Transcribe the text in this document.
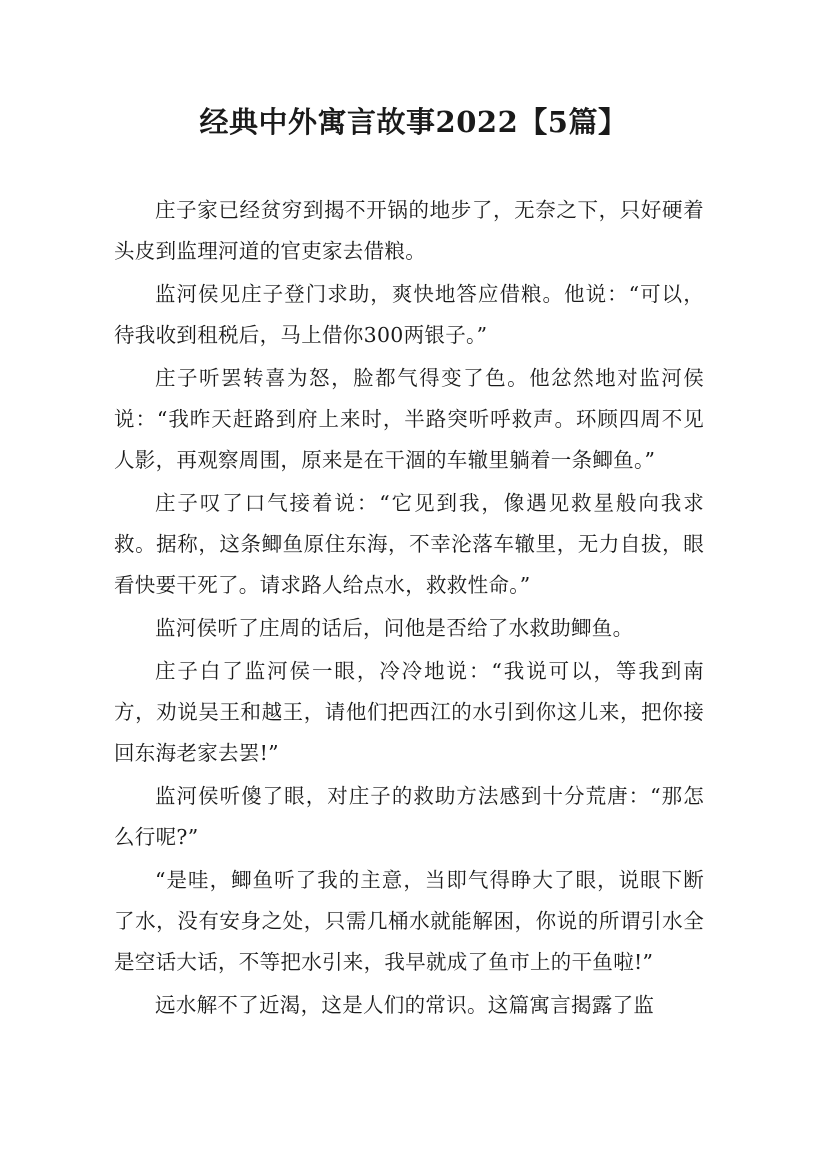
经典中外寓言故事2022【5篇】

庄子家已经贫穷到揭不开锅的地步了，无奈之下，只好硬着头皮到监理河道的官吏家去借粮。

监河侯见庄子登门求助，爽快地答应借粮。他说：“可以，待我收到租税后，马上借你300两银子。”

庄子听罢转喜为怒，脸都气得变了色。他忿然地对监河侯说：“我昨天赶路到府上来时，半路突听呼救声。环顾四周不见人影，再观察周围，原来是在干涸的车辙里躺着一条鲫鱼。”

庄子叹了口气接着说：“它见到我，像遇见救星般向我求救。据称，这条鲫鱼原住东海，不幸沦落车辙里，无力自拔，眼看快要干死了。请求路人给点水，救救性命。”

监河侯听了庄周的话后，问他是否给了水救助鲫鱼。

庄子白了监河侯一眼，冷冷地说：“我说可以，等我到南方，劝说吴王和越王，请他们把西江的水引到你这儿来，把你接回东海老家去罢!”

监河侯听傻了眼，对庄子的救助方法感到十分荒唐：“那怎么行呢?”

“是哇，鲫鱼听了我的主意，当即气得睁大了眼，说眼下断了水，没有安身之处，只需几桶水就能解困，你说的所谓引水全是空话大话，不等把水引来，我早就成了鱼市上的干鱼啦!”

远水解不了近渴，这是人们的常识。这篇寓言揭露了监
